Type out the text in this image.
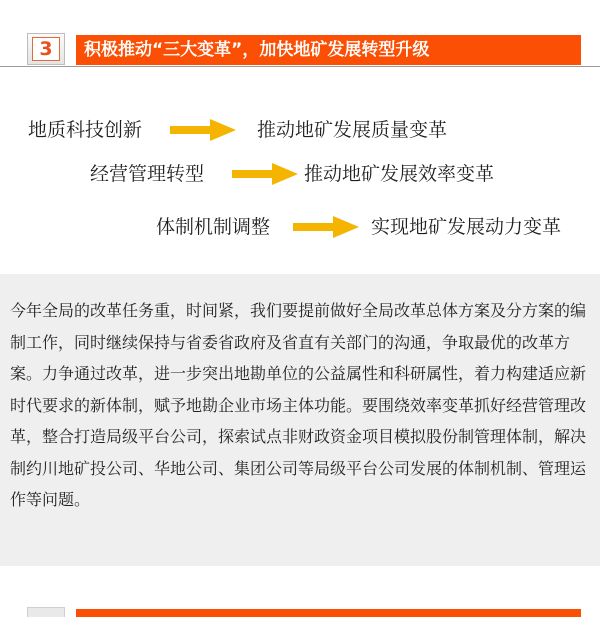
3	积极推动“三大变革”，加快地矿发展转型升级
地质科技创新	推动地矿发展质量变革
经营管理转型	推动地矿发展效率变革
体制机制调整	实现地矿发展动力变革

今年全局的改革任务重，时间紧，我们要提前做好全局改革总体方案及分方案的编制工作，同时继续保持与省委省政府及省直有关部门的沟通，争取最优的改革方案。力争通过改革，进一步突出地勘单位的公益属性和科研属性，着力构建适应新时代要求的新体制，赋予地勘企业市场主体功能。要围绕效率变革抓好经营管理改革，整合打造局级平台公司，探索试点非财政资金项目模拟股份制管理体制，解决制约川地矿投公司、华地公司、集团公司等局级平台公司发展的体制机制、管理运作等问题。
